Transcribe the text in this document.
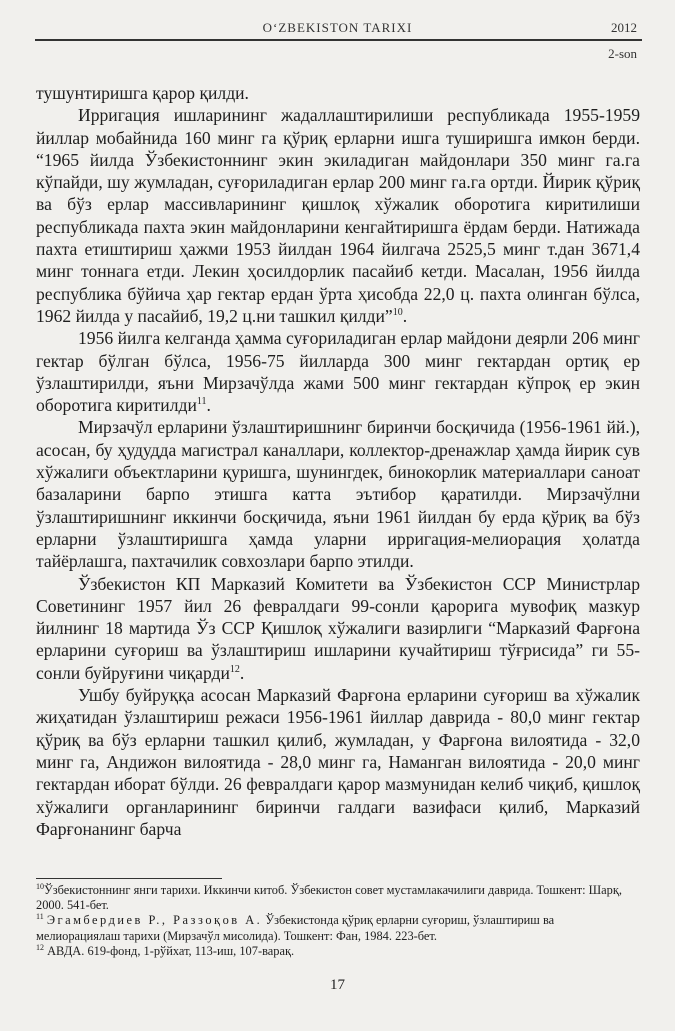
O‘ZBEKISTON TARIXI	2012
2-son

тушунтиришга қарор қилди.

Ирригация ишларининг жадаллаштирилиши республикада 1955-1959 йиллар мобайнида 160 минг га қўриқ ерларни ишга туширишга имкон берди. “1965 йилда Ўзбекистоннинг экин экиладиган майдонлари 350 минг га.га кўпайди, шу жумладан, суғориладиган ерлар 200 минг га.га ортди. Йирик қўриқ ва бўз ерлар массивларининг қишлоқ хўжалик оборотига киритилиши республикада пахта экин майдонларини кенгайтиришга ёрдам берди. Натижада пахта етиштириш ҳажми 1953 йилдан 1964 йилгача 2525,5 минг т.дан 3671,4 минг тоннага етди. Лекин ҳосилдорлик пасайиб кетди. Масалан, 1956 йилда республика бўйича ҳар гектар ердан ўрта ҳисобда 22,0 ц. пахта олинган бўлса, 1962 йилда у пасайиб, 19,2 ц.ни ташкил қилди”$^{10}$.

1956 йилга келганда ҳамма суғориладиган ерлар майдони деярли 206 минг гектар бўлган бўлса, 1956-75 йилларда 300 минг гектардан ортиқ ер ўзлаштирилди, яъни Мирзачўлда жами 500 минг гектардан кўпроқ ер экин оборотига киритилди$^{11}$.

Мирзачўл ерларини ўзлаштиришнинг биринчи босқичида (1956-1961 йй.), асосан, бу ҳудудда магистрал каналлари, коллектор-дренажлар ҳамда йирик сув хўжалиги объектларини қуришга, шунингдек, бинокорлик материаллари саноат базаларини барпо этишга катта эътибор қаратилди. Мирзачўлни ўзлаштиришнинг иккинчи босқичида, яъни 1961 йилдан бу ерда қўриқ ва бўз ерларни ўзлаштиришга ҳамда уларни ирригация-мелиорация ҳолатда тайёрлашга, пахтачилик совхозлари барпо этилди.

Ўзбекистон КП Марказий Комитети ва Ўзбекистон ССР Министрлар Советининг 1957 йил 26 февралдаги 99-сонли қарорига мувофиқ мазкур йилнинг 18 мартида Ўз ССР Қишлоқ хўжалиги вазирлиги “Марказий Фарғона ерларини суғориш ва ўзлаштириш ишларини кучайтириш тўғрисида” ги 55-сонли буйруғини чиқарди$^{12}$.

Ушбу буйруққа асосан Марказий Фарғона ерларини суғориш ва хўжалик жиҳатидан ўзлаштириш режаси 1956-1961 йиллар даврида - 80,0 минг гектар қўриқ ва бўз ерларни ташкил қилиб, жумладан, у Фарғона вилоятида - 32,0 минг га, Андижон вилоятида - 28,0 минг га, Наманган вилоятида - 20,0 минг гектардан иборат бўлди. 26 февралдаги қарор мазмунидан келиб чиқиб, қишлоқ хўжалиги органларининг биринчи галдаги вазифаси қилиб, Марказий Фарғонанинг барча

$^{10}$Ўзбекистоннинг янги тарихи. Иккинчи китоб. Ўзбекистон совет мустамлакачилиги даврида. Тошкент: Шарқ, 2000. 541-бет.

$^{11}$ Эгамбердиев Р., Раззоқов А. Ўзбекистонда қўриқ ерларни суғориш, ўзлаштириш ва мелиорациялаш тарихи (Мирзачўл мисолида). Тошкент: Фан, 1984. 223-бет.

$^{12}$ АВДА. 619-фонд, 1-рўйхат, 113-иш, 107-варақ.

17
